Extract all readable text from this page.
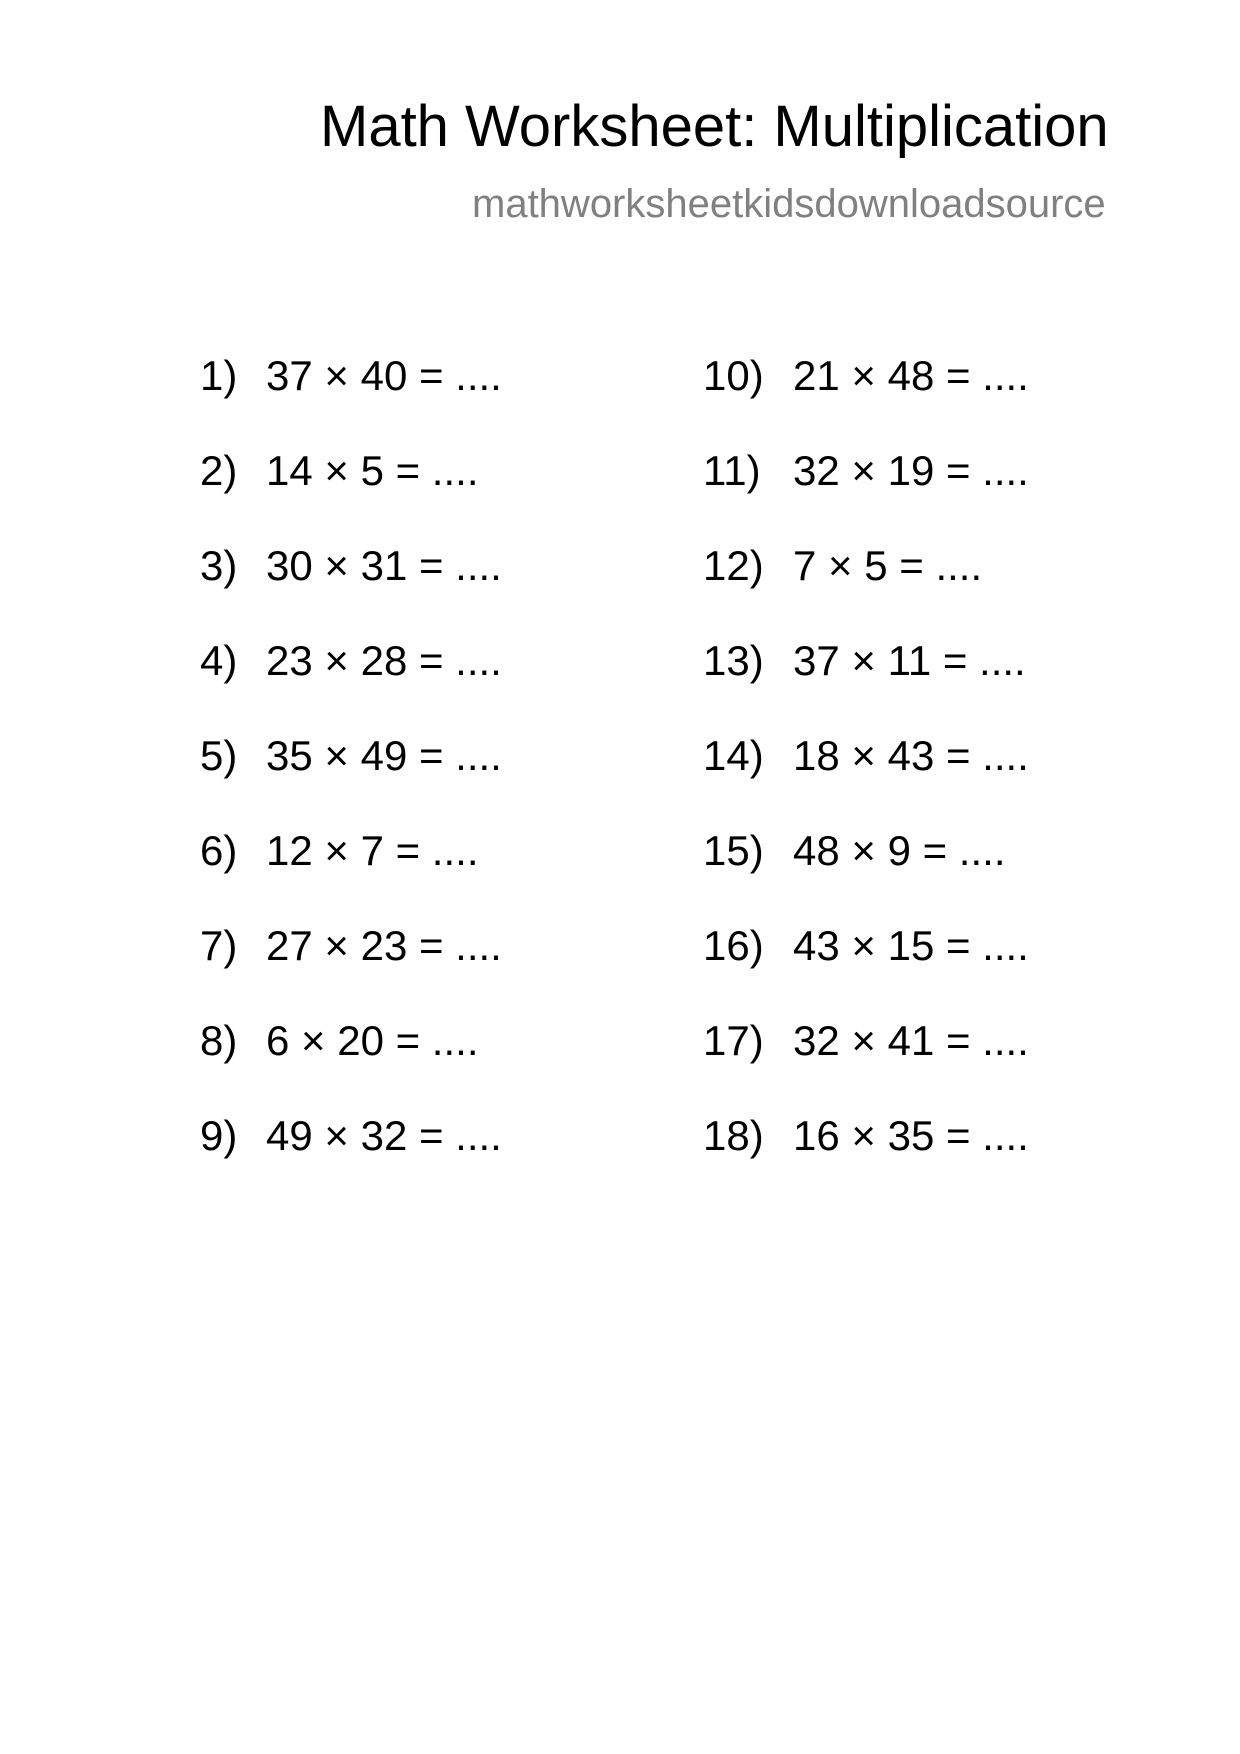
Math Worksheet: Multiplication
mathworksheetkidsdownloadsource
1) 37 × 40 = ....
2) 14 × 5 = ....
3) 30 × 31 = ....
4) 23 × 28 = ....
5) 35 × 49 = ....
6) 12 × 7 = ....
7) 27 × 23 = ....
8) 6 × 20 = ....
9) 49 × 32 = ....
10) 21 × 48 = ....
11) 32 × 19 = ....
12) 7 × 5 = ....
13) 37 × 11 = ....
14) 18 × 43 = ....
15) 48 × 9 = ....
16) 43 × 15 = ....
17) 32 × 41 = ....
18) 16 × 35 = ....
